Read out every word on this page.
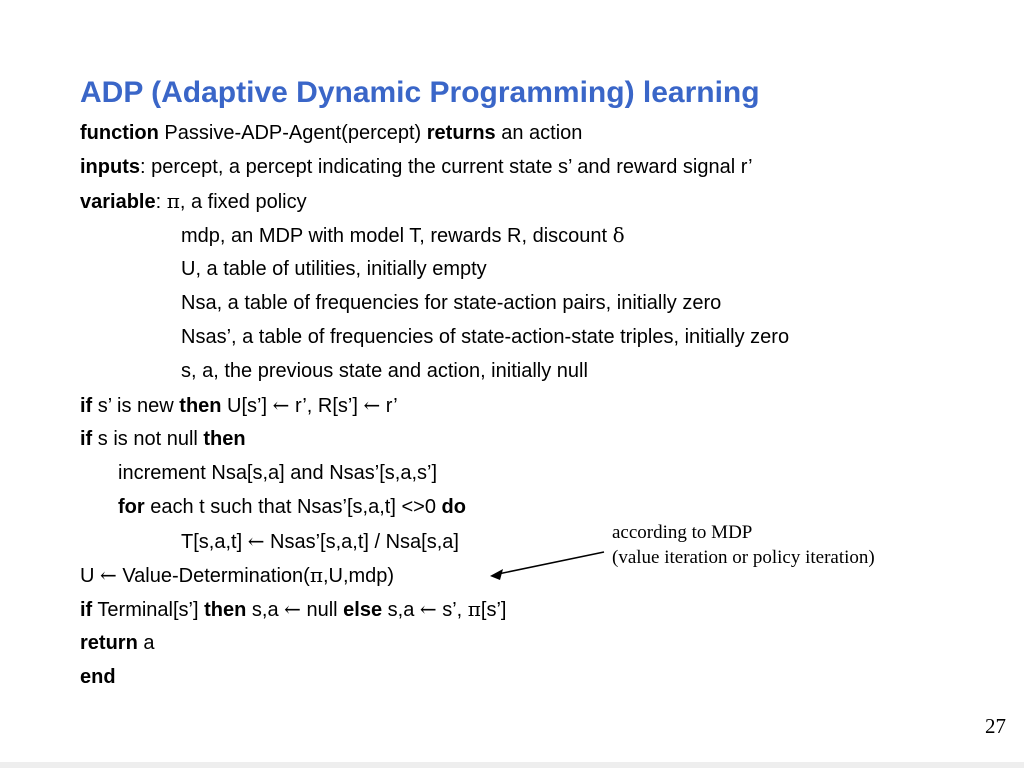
ADP (Adaptive Dynamic Programming) learning
function Passive-ADP-Agent(percept) returns an action
inputs: percept, a percept indicating the current state s’ and reward signal r’
variable: π, a fixed policy
mdp, an MDP with model T, rewards R, discount δ
U, a table of utilities, initially empty
Nsa, a table of frequencies for state-action pairs, initially zero
Nsas’, a table of frequencies of state-action-state triples, initially zero
s, a, the previous state and action, initially null
if s’ is new then U[s’] ← r’, R[s’] ← r’
if s is not null then
increment Nsa[s,a] and Nsas’[s,a,s’]
for each t such that Nsas’[s,a,t] <>0 do
T[s,a,t] ← Nsas’[s,a,t] / Nsa[s,a]
U ← Value-Determination(π,U,mdp)
if Terminal[s’] then s,a ← null else s,a ← s’, π[s’]
return a
end
according to MDP
(value iteration or policy iteration)
27
